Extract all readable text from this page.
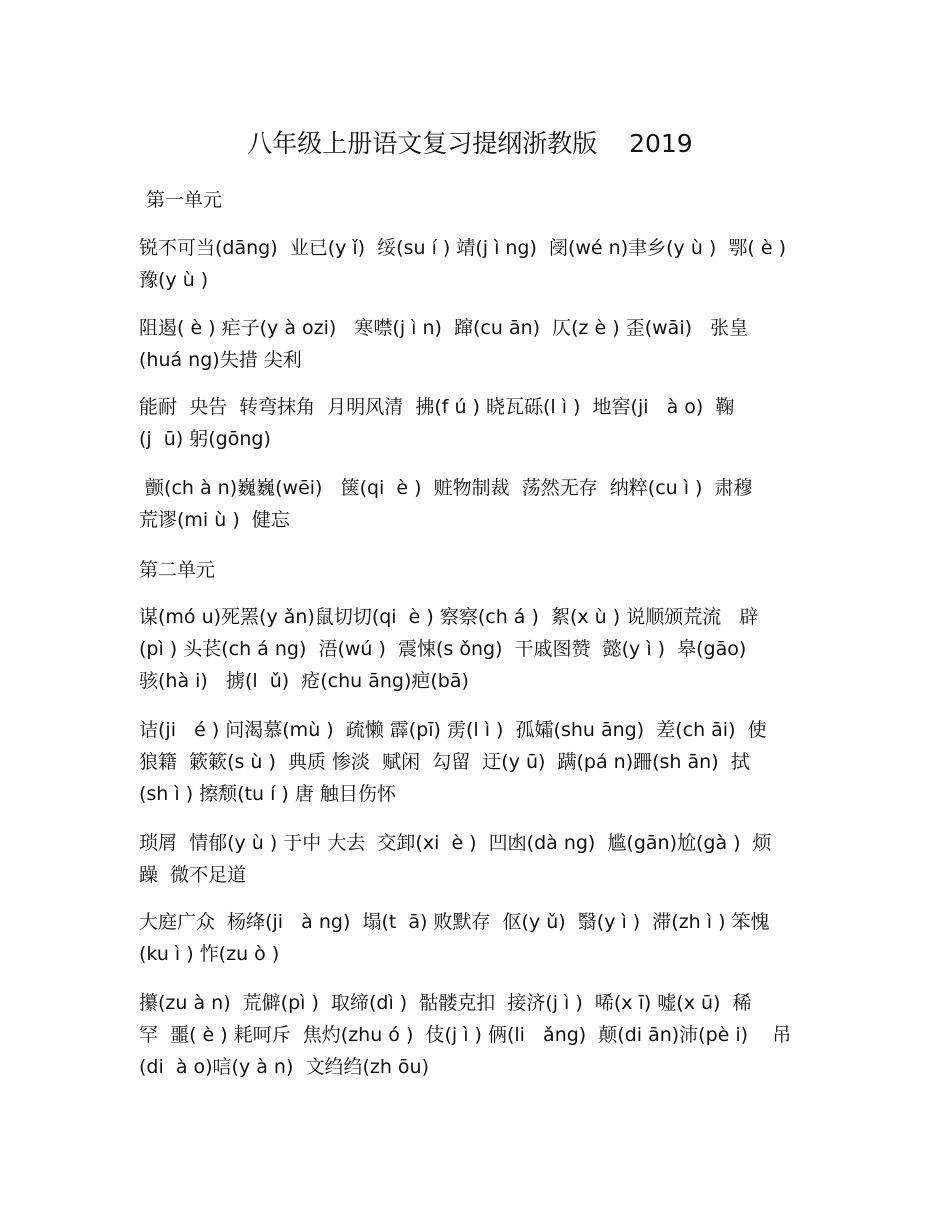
八年级上册语文复习提纲浙教版    2019
第一单元
锐不可当(dāng)  业已(y ǐ)  绥(su í ) 靖(j ì ng)  阌(wé n)聿乡(y ù )  鄂( è )
豫(y ù )
阻遏( è ) 疟子(y à ozi)   寒噤(j ì n)  蹿(cu ān)  仄(z è ) 歪(wāi)   张皇
(huá ng)失措 尖利
能耐  央告  转弯抹角  月明风清  拂(f ú ) 晓瓦砾(l ì )  地窖(ji   à o)  鞠
(j  ū) 躬(gōng)
颤(ch à n)巍巍(wēi)   箧(qi  è )  赃物制裁  荡然无存  纳粹(cu ì )  肃穆
荒谬(mi ù )  健忘
第二单元
谋(mó u)死罴(y ǎn)鼠切切(qi  è ) 察察(ch á )  絮(x ù ) 说顺颁荒流   辟
(pì ) 头苌(ch á ng)  浯(wú )  震悚(s ǒng)  干戚图赞  懿(y ì )  皋(gāo)
骇(hà i)   掳(l  ǔ)  疮(chu āng)疤(bā)
诘(ji   é ) 问渴慕(mù )  疏懒 霹(pī) 雳(l ì )  孤孀(shu āng)  差(ch āi)  使
狼籍  簌簌(s ù )  典质 惨淡  赋闲  勾留  迂(y ū)  蹒(pá n)跚(sh ān)  拭
(sh ì ) 擦颓(tu í ) 唐 触目伤怀
琐屑  情郁(y ù ) 于中 大去  交卸(xi  è )  凹凼(dà ng)  尴(gān)尬(gà )  烦
躁  微不足道
大庭广众  杨绛(ji   à ng)  塌(t  ā) 败默存  伛(y ǔ)  翳(y ì )  滞(zh ì ) 笨愧
(ku ì ) 怍(zu ò )
攥(zu à n)  荒僻(pì )  取缔(dì )  骷髅克扣  接济(j ì )  唏(x ī) 嘘(x ū)  稀
罕  噩( è ) 耗呵斥  焦灼(zhu ó )  伎(j ì ) 俩(li   ǎng)  颠(di ān)沛(pè i)    吊
(di  à o)唁(y à n)  文绉绉(zh ōu)
